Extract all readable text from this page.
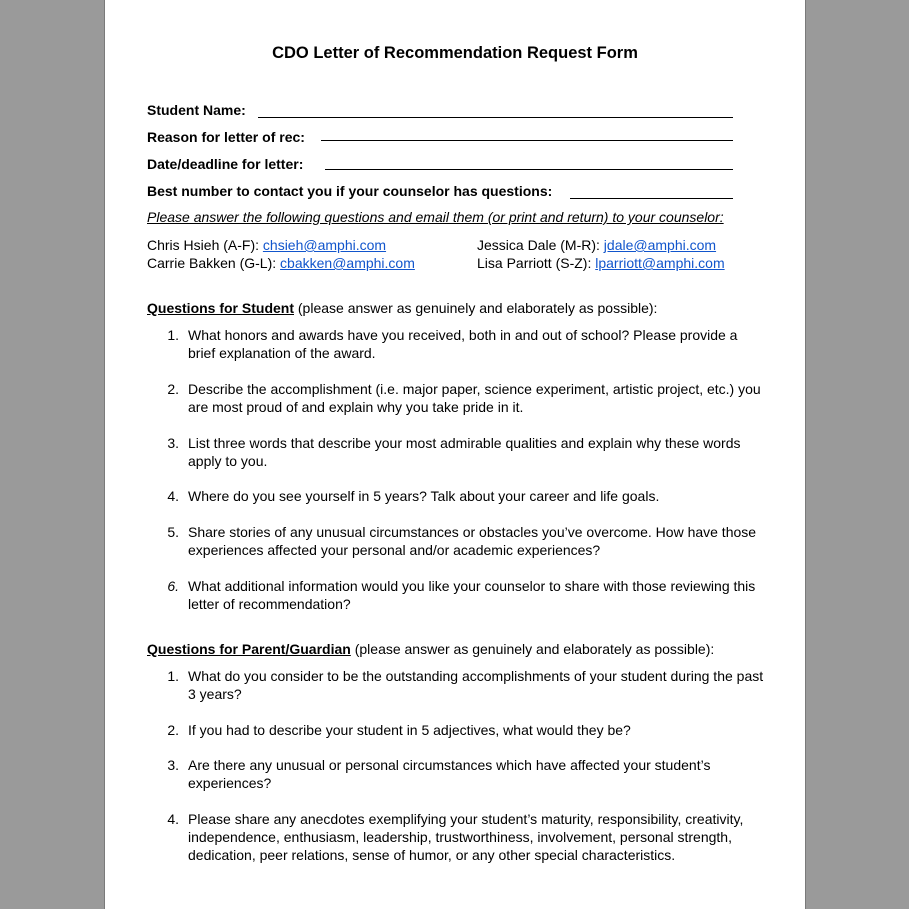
CDO Letter of Recommendation Request Form
Student Name:
Reason for letter of rec:
Date/deadline for letter:
Best number to contact you if your counselor has questions:
Please answer the following questions and email them (or print and return) to your counselor:
Chris Hsieh (A-F): chsieh@amphi.com
Carrie Bakken (G-L): cbakken@amphi.com
Jessica Dale (M-R): jdale@amphi.com
Lisa Parriott (S-Z): lparriott@amphi.com
Questions for Student (please answer as genuinely and elaborately as possible):
1. What honors and awards have you received, both in and out of school? Please provide a brief explanation of the award.
2. Describe the accomplishment (i.e. major paper, science experiment, artistic project, etc.) you are most proud of and explain why you take pride in it.
3. List three words that describe your most admirable qualities and explain why these words apply to you.
4. Where do you see yourself in 5 years? Talk about your career and life goals.
5. Share stories of any unusual circumstances or obstacles you’ve overcome. How have those experiences affected your personal and/or academic experiences?
6. What additional information would you like your counselor to share with those reviewing this letter of recommendation?
Questions for Parent/Guardian (please answer as genuinely and elaborately as possible):
1. What do you consider to be the outstanding accomplishments of your student during the past 3 years?
2. If you had to describe your student in 5 adjectives, what would they be?
3. Are there any unusual or personal circumstances which have affected your student’s experiences?
4. Please share any anecdotes exemplifying your student’s maturity, responsibility, creativity, independence, enthusiasm, leadership, trustworthiness, involvement, personal strength, dedication, peer relations, sense of humor, or any other special characteristics.
